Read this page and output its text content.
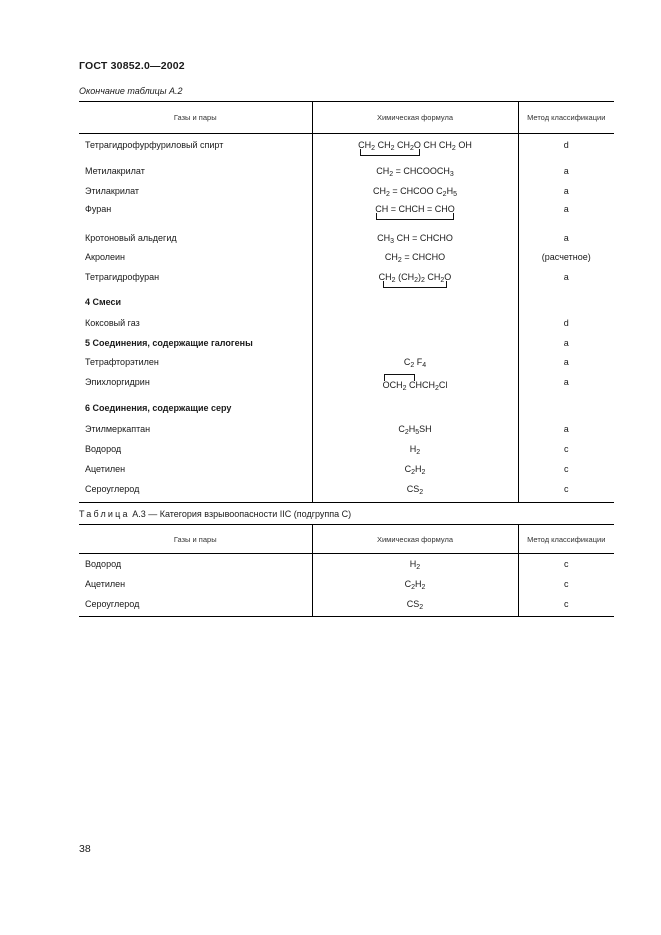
ГОСТ 30852.0—2002
Окончание таблицы А.2
Газы и пары	Химическая формула	Метод классификации
Тетрагидрофурфуриловый спирт	$CH_2$ $CH_2$ $CH_2O$ CH $CH_2$ OH	d
Метилакрилат	$CH_2$ = $CHCOOCH_3$	a
Этилакрилат	$CH_2$ = CHCOO $C_2H_5$	a
Фуран	CH = CHCH = CHO	a
Кротоновый альдегид	$CH_3$ CH = CHCHO	a
Акролеин	$CH_2$ = CHCHO	(расчетное)
Тетрагидрофуран	$CH_2$ $(CH_2)_2$ $CH_2O$	a
4 Смеси		
Коксовый газ		d
5 Соединения, содержащие галогены		a
Тетрафторэтилен	$C_2$ $F_4$	a
Эпихлоргидрин	$OCH_2$ $CHCH_2Cl$	a
6 Соединения, содержащие серу		
Этилмеркаптан	$C_2H_5SH$	a
Водород	$H_2$	c
Ацетилен	$C_2H_2$	c
Сероуглерод	$CS_2$	c
Таблица А.3 — Категория взрывоопасности IIC (подгруппа C)
Газы и пары	Химическая формула	Метод классификации
Водород	$H_2$	c
Ацетилен	$C_2H_2$	c
Сероуглерод	$CS_2$	c
38
